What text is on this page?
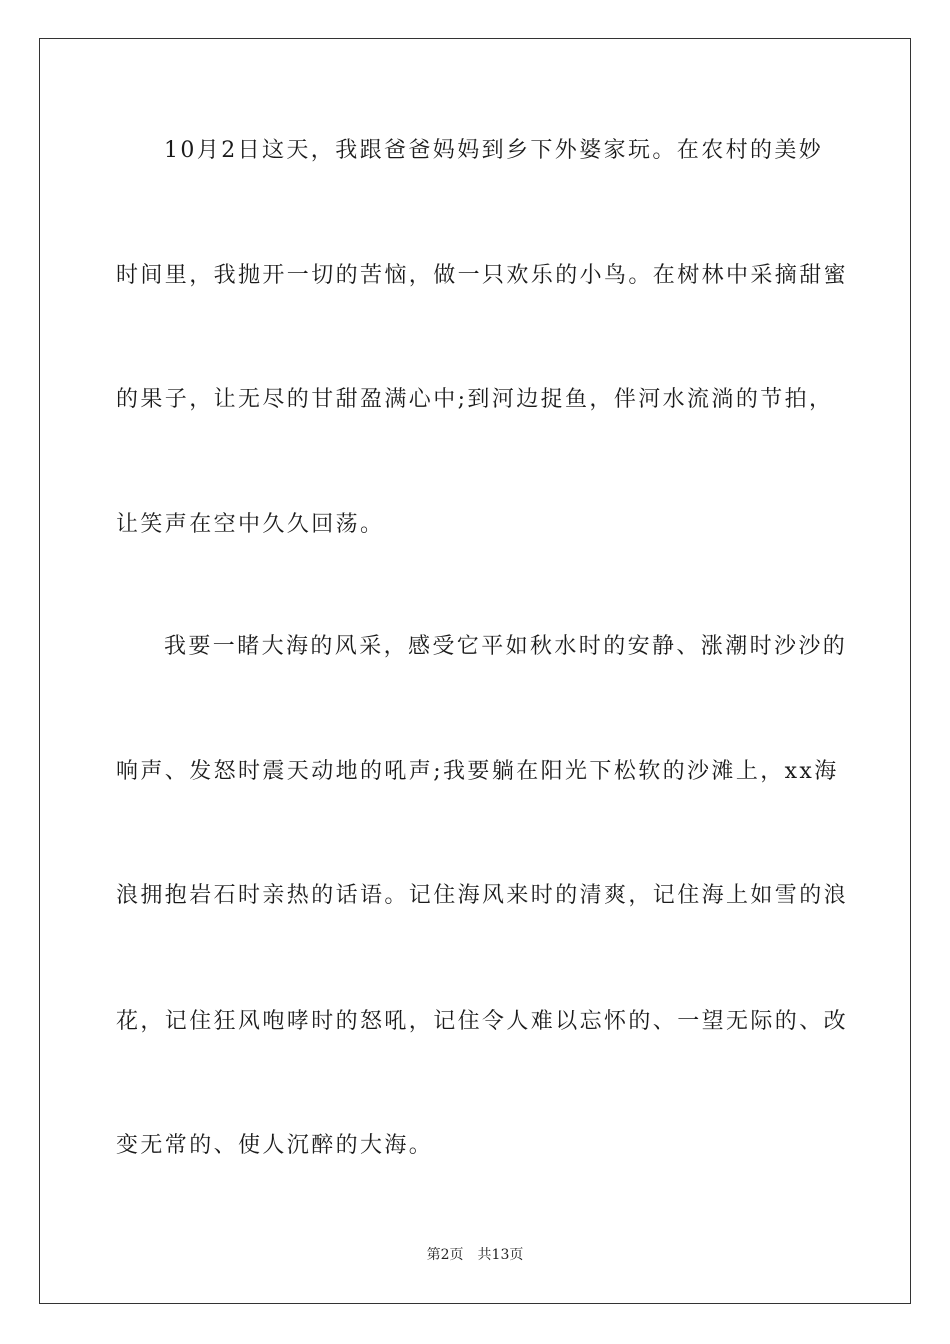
10月2日这天，我跟爸爸妈妈到乡下外婆家玩。在农村的美妙
时间里，我抛开一切的苦恼，做一只欢乐的小鸟。在树林中采摘甜蜜
的果子，让无尽的甘甜盈满心中;到河边捉鱼，伴河水流淌的节拍，
让笑声在空中久久回荡。
我要一睹大海的风采，感受它平如秋水时的安静、涨潮时沙沙的
响声、发怒时震天动地的吼声;我要躺在阳光下松软的沙滩上，xx海
浪拥抱岩石时亲热的话语。记住海风来时的清爽，记住海上如雪的浪
花，记住狂风咆哮时的怒吼，记住令人难以忘怀的、一望无际的、改
变无常的、使人沉醉的大海。
第2页 共13页
